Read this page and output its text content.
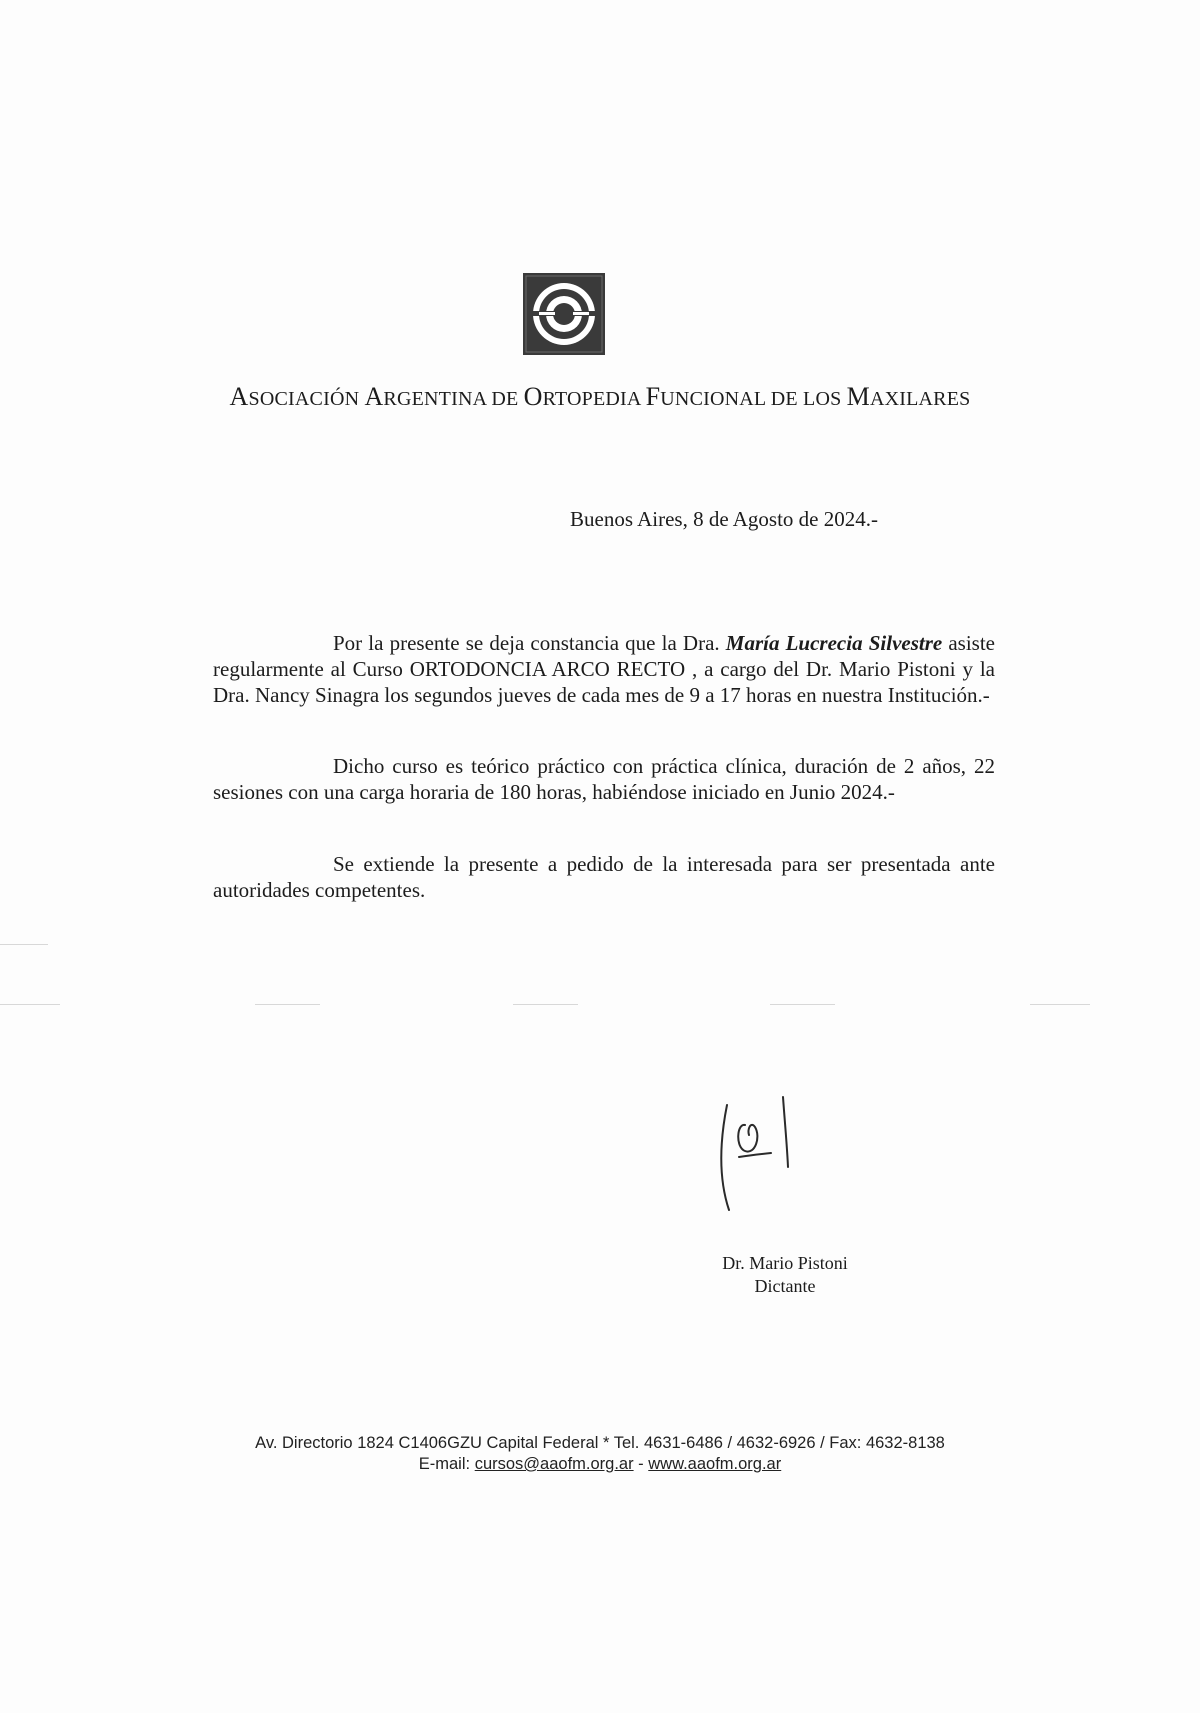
ASOCIACIÓN ARGENTINA DE ORTOPEDIA FUNCIONAL DE LOS MAXILARES
Buenos Aires, 8 de Agosto de 2024.-
Por la presente se deja constancia que la Dra. María Lucrecia Silvestre asiste regularmente al Curso ORTODONCIA ARCO RECTO , a cargo del Dr. Mario Pistoni y la Dra. Nancy Sinagra los segundos jueves de cada mes de 9 a 17 horas en nuestra Institución.-
Dicho curso es teórico práctico con práctica clínica, duración de 2 años, 22 sesiones con una carga horaria de 180 horas, habiéndose iniciado en Junio 2024.-
Se extiende la presente a pedido de la interesada para ser presentada ante autoridades competentes.
Dr. Mario Pistoni
Dictante
Av. Directorio 1824 C1406GZU Capital Federal * Tel. 4631-6486 / 4632-6926 / Fax: 4632-8138
E-mail: cursos@aaofm.org.ar - www.aaofm.org.ar
